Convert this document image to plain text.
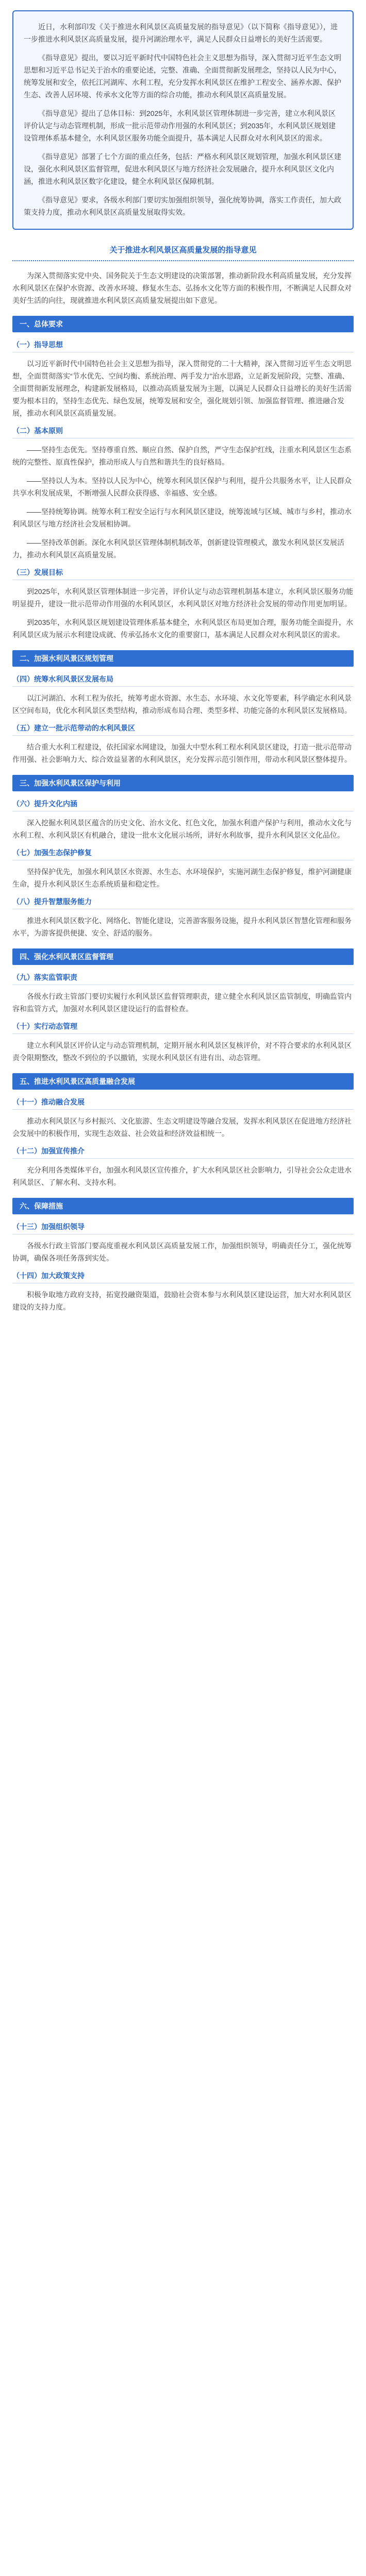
近日，水利部印发《关于推进水利风景区高质量发展的指导意见》（以下简称《指导意见》），进一步推进水利风景区高质量发展，提升河湖治理水平，满足人民群众日益增长的美好生活需要。

《指导意见》提出，要以习近平新时代中国特色社会主义思想为指导，深入贯彻习近平生态文明思想和习近平总书记关于治水的重要论述，完整、准确、全面贯彻新发展理念，坚持以人民为中心，统筹发展和安全，依托江河湖库、水利工程，充分发挥水利风景区在维护工程安全、涵养水源、保护生态、改善人居环境、传承水文化等方面的综合功能，推动水利风景区高质量发展。

《指导意见》提出了总体目标：到2025年，水利风景区管理体制进一步完善，建立水利风景区评价认定与动态管理机制，形成一批示范带动作用强的水利风景区；到2035年，水利风景区规划建设管理体系基本健全，水利风景区服务功能全面提升，基本满足人民群众对水利风景区的需求。

《指导意见》部署了七个方面的重点任务，包括：严格水利风景区规划管理，加强水利风景区建设，强化水利风景区监督管理，促进水利风景区与地方经济社会发展融合，提升水利风景区文化内涵，推进水利风景区数字化建设，健全水利风景区保障机制。

《指导意见》要求，各级水利部门要切实加强组织领导，强化统筹协调，落实工作责任，加大政策支持力度，推动水利风景区高质量发展取得实效。

关于推进水利风景区高质量发展的指导意见

为深入贯彻落实党中央、国务院关于生态文明建设的决策部署，推动新阶段水利高质量发展，充分发挥水利风景区在保护水资源、改善水环境、修复水生态、弘扬水文化等方面的积极作用，不断满足人民群众对美好生活的向往，现就推进水利风景区高质量发展提出如下意见。

一、总体要求
（一）指导思想

以习近平新时代中国特色社会主义思想为指导，深入贯彻党的二十大精神，深入贯彻习近平生态文明思想，全面贯彻落实“节水优先、空间均衡、系统治理、两手发力”治水思路，立足新发展阶段，完整、准确、全面贯彻新发展理念，构建新发展格局，以推动高质量发展为主题，以满足人民群众日益增长的美好生活需要为根本目的，坚持生态优先、绿色发展，统筹发展和安全，强化规划引领、加强监督管理、推进融合发展，推动水利风景区高质量发展。

（二）基本原则

——坚持生态优先。坚持尊重自然、顺应自然、保护自然，严守生态保护红线，注重水利风景区生态系统的完整性、原真性保护，推动形成人与自然和谐共生的良好格局。

——坚持以人为本。坚持以人民为中心，统筹水利风景区保护与利用，提升公共服务水平，让人民群众共享水利发展成果，不断增强人民群众获得感、幸福感、安全感。

——坚持统筹协调。统筹水利工程安全运行与水利风景区建设，统筹流域与区域、城市与乡村，推动水利风景区与地方经济社会发展相协调。

——坚持改革创新。深化水利风景区管理体制机制改革，创新建设管理模式，激发水利风景区发展活力，推动水利风景区高质量发展。

（三）发展目标

到2025年，水利风景区管理体制进一步完善，评价认定与动态管理机制基本建立，水利风景区服务功能明显提升，建设一批示范带动作用强的水利风景区，水利风景区对地方经济社会发展的带动作用更加明显。

到2035年，水利风景区规划建设管理体系基本健全，水利风景区布局更加合理，服务功能全面提升，水利风景区成为展示水利建设成就、传承弘扬水文化的重要窗口，基本满足人民群众对水利风景区的需求。

二、加强水利风景区规划管理
（四）统筹水利风景区发展布局

以江河湖泊、水利工程为依托，统筹考虑水资源、水生态、水环境、水文化等要素，科学确定水利风景区空间布局，优化水利风景区类型结构，推动形成布局合理、类型多样、功能完备的水利风景区发展格局。

（五）建立一批示范带动的水利风景区

结合重大水利工程建设，依托国家水网建设，加强大中型水利工程水利风景区建设，打造一批示范带动作用强、社会影响力大、综合效益显著的水利风景区，充分发挥示范引领作用，带动水利风景区整体提升。

三、加强水利风景区保护与利用
（六）提升文化内涵

深入挖掘水利风景区蕴含的历史文化、治水文化、红色文化，加强水利遗产保护与利用，推动水文化与水利工程、水利风景区有机融合，建设一批水文化展示场所，讲好水利故事，提升水利风景区文化品位。

（七）加强生态保护修复

坚持保护优先，加强水利风景区水资源、水生态、水环境保护，实施河湖生态保护修复，维护河湖健康生命，提升水利风景区生态系统质量和稳定性。

（八）提升智慧服务能力

推进水利风景区数字化、网络化、智能化建设，完善游客服务设施，提升水利风景区智慧化管理和服务水平，为游客提供便捷、安全、舒适的服务。

四、强化水利风景区监督管理
（九）落实监管职责

各级水行政主管部门要切实履行水利风景区监督管理职责，建立健全水利风景区监管制度，明确监管内容和监管方式，加强对水利风景区建设运行的监督检查。

（十）实行动态管理

建立水利风景区评价认定与动态管理机制，定期开展水利风景区复核评价，对不符合要求的水利风景区责令限期整改，整改不到位的予以撤销，实现水利风景区有进有出、动态管理。

五、推进水利风景区高质量融合发展
（十一）推动融合发展

推动水利风景区与乡村振兴、文化旅游、生态文明建设等融合发展，发挥水利风景区在促进地方经济社会发展中的积极作用，实现生态效益、社会效益和经济效益相统一。

（十二）加强宣传推介

充分利用各类媒体平台，加强水利风景区宣传推介，扩大水利风景区社会影响力，引导社会公众走进水利风景区、了解水利、支持水利。

六、保障措施
（十三）加强组织领导

各级水行政主管部门要高度重视水利风景区高质量发展工作，加强组织领导，明确责任分工，强化统筹协调，确保各项任务落到实处。

（十四）加大政策支持

积极争取地方政府支持，拓宽投融资渠道，鼓励社会资本参与水利风景区建设运营，加大对水利风景区建设的支持力度。
